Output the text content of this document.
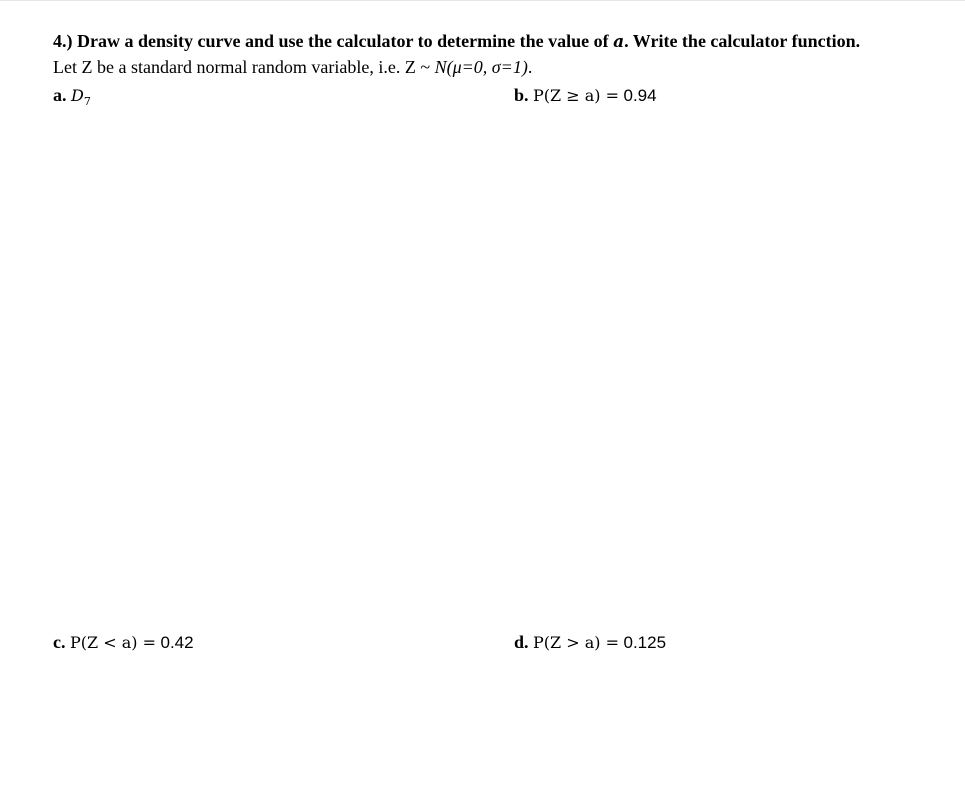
4.) Draw a density curve and use the calculator to determine the value of a. Write the calculator function.
Let Z be a standard normal random variable, i.e. Z ~ N(μ=0, σ=1).
a. $D_7$	b. P(Z ≥ a) = 0.94
c. P(Z < a) = 0.42	d. P(Z > a) = 0.125
